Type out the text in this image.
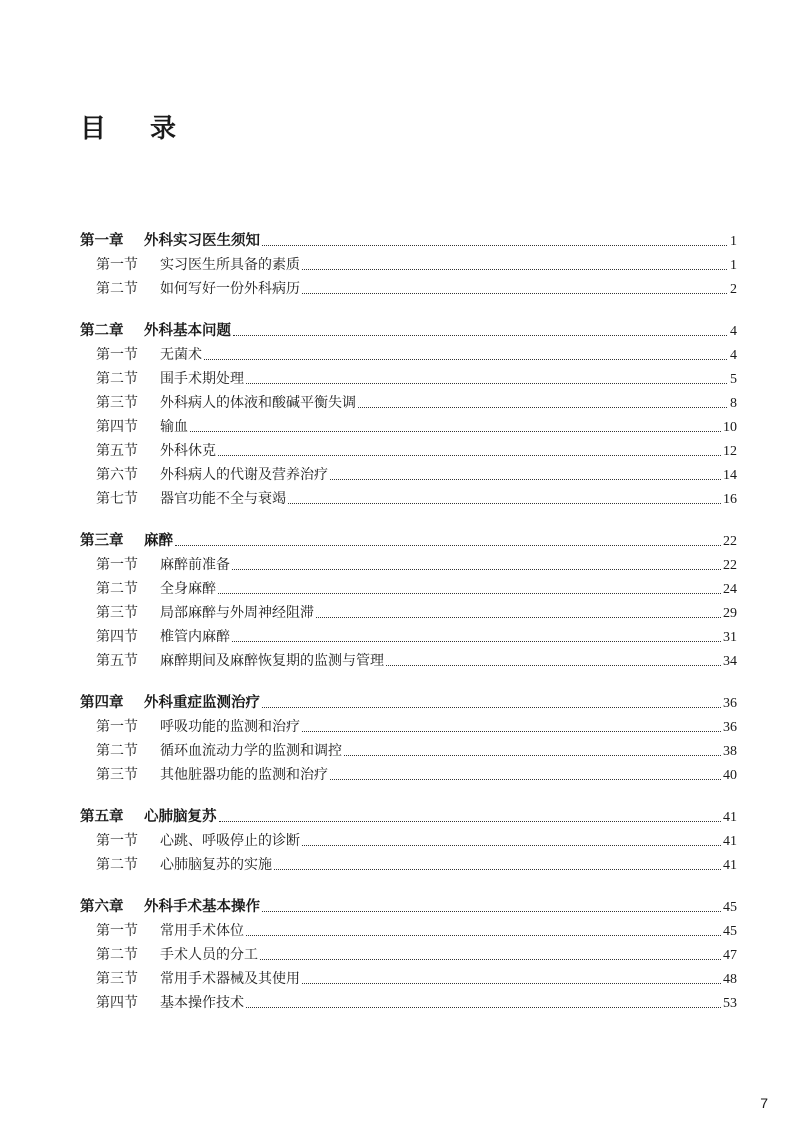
目 录
第一章	外科实习医生须知	1
第一节	实习医生所具备的素质	1
第二节	如何写好一份外科病历	2
第二章	外科基本问题	4
第一节	无菌术	4
第二节	围手术期处理	5
第三节	外科病人的体液和酸碱平衡失调	8
第四节	输血	10
第五节	外科休克	12
第六节	外科病人的代谢及营养治疗	14
第七节	器官功能不全与衰竭	16
第三章	麻醉	22
第一节	麻醉前准备	22
第二节	全身麻醉	24
第三节	局部麻醉与外周神经阻滞	29
第四节	椎管内麻醉	31
第五节	麻醉期间及麻醉恢复期的监测与管理	34
第四章	外科重症监测治疗	36
第一节	呼吸功能的监测和治疗	36
第二节	循环血流动力学的监测和调控	38
第三节	其他脏器功能的监测和治疗	40
第五章	心肺脑复苏	41
第一节	心跳、呼吸停止的诊断	41
第二节	心肺脑复苏的实施	41
第六章	外科手术基本操作	45
第一节	常用手术体位	45
第二节	手术人员的分工	47
第三节	常用手术器械及其使用	48
第四节	基本操作技术	53
7
